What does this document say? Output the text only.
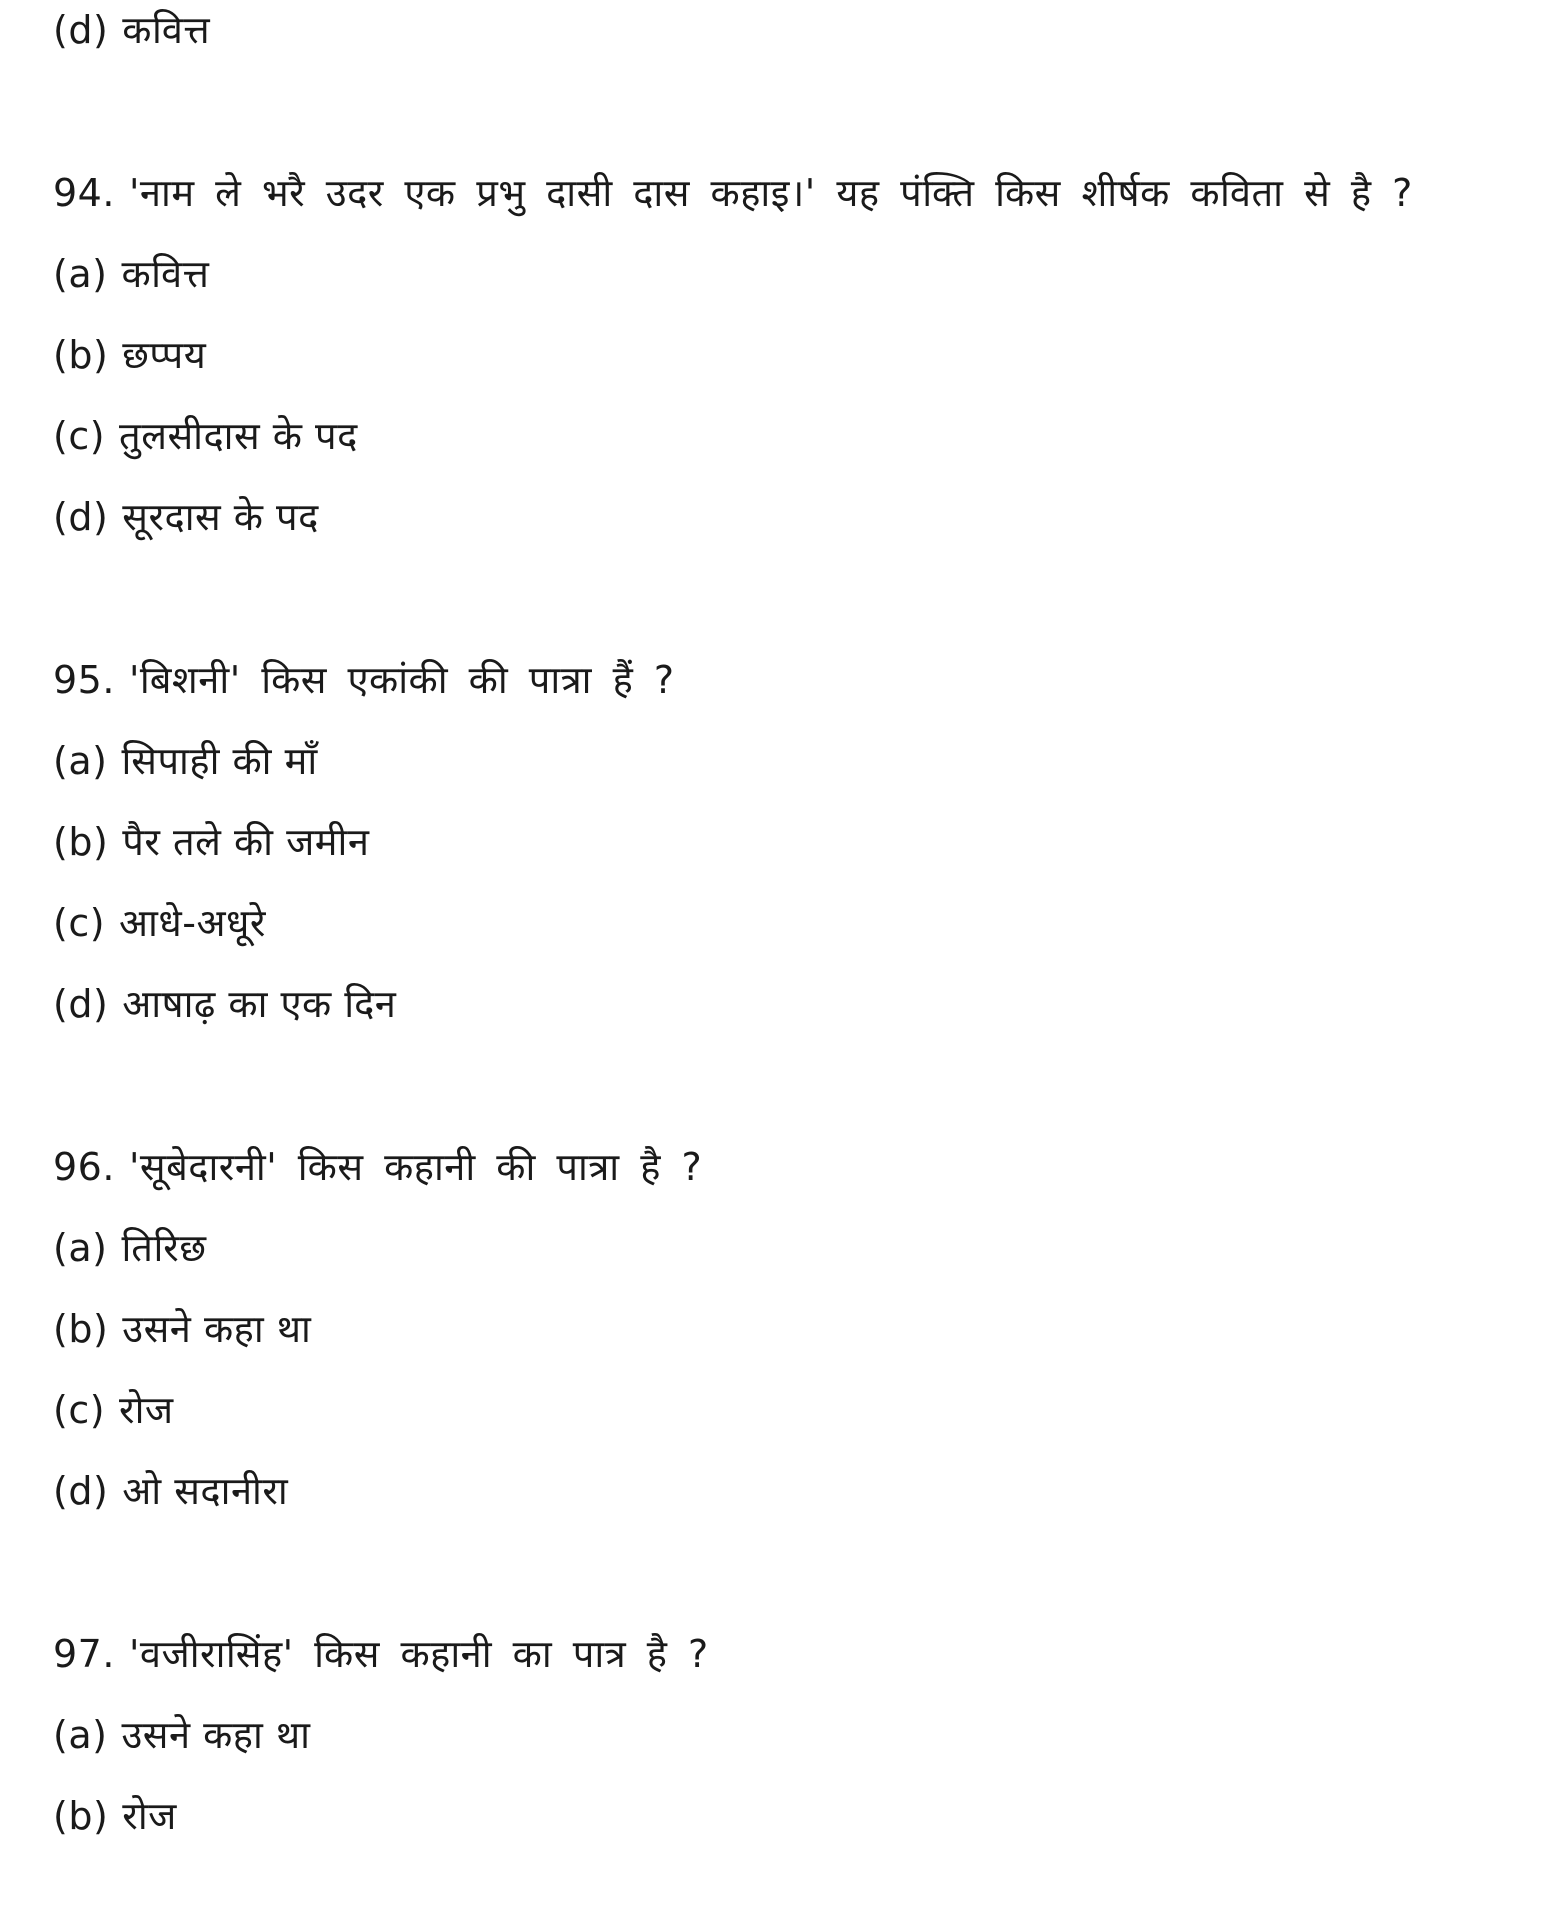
(d) कवित्त
94. 'नाम ले भरै उदर एक प्रभु दासी दास कहाइ।' यह पंक्ति किस शीर्षक कविता से है ?
(a) कवित्त
(b) छप्पय
(c) तुलसीदास के पद
(d) सूरदास के पद
95. 'बिशनी' किस एकांकी की पात्रा हैं ?
(a) सिपाही की माँ
(b) पैर तले की जमीन
(c) आधे-अधूरे
(d) आषाढ़ का एक दिन
96. 'सूबेदारनी' किस कहानी की पात्रा है ?
(a) तिरिछ
(b) उसने कहा था
(c) रोज
(d) ओ सदानीरा
97. 'वजीरासिंह' किस कहानी का पात्र है ?
(a) उसने कहा था
(b) रोज
